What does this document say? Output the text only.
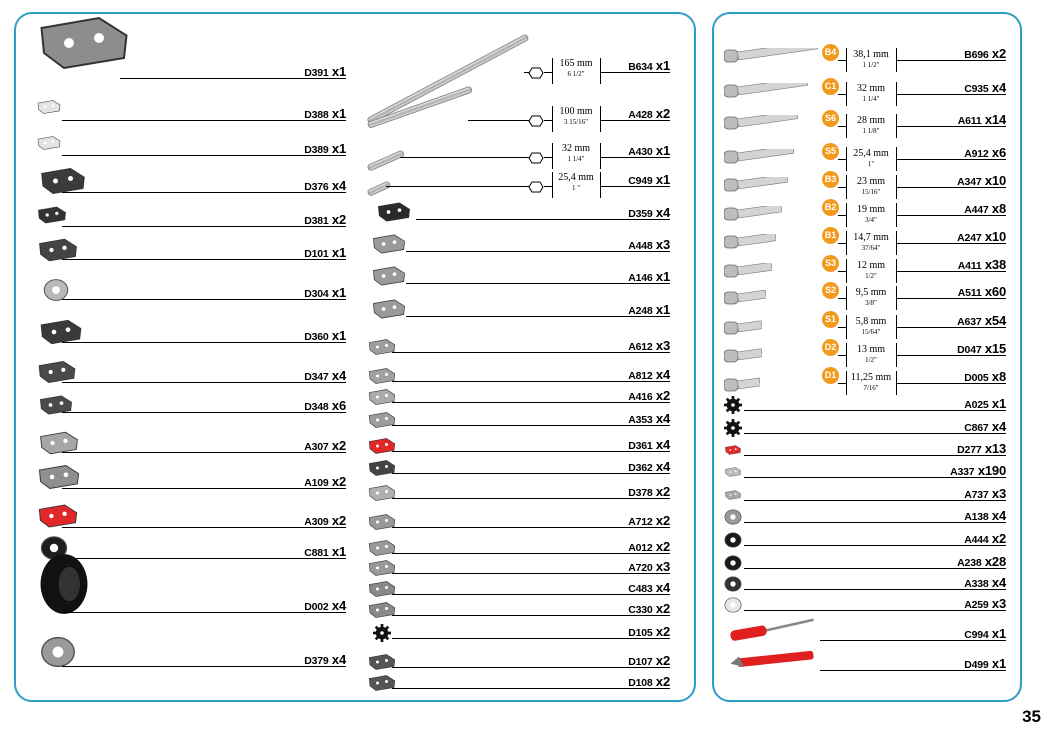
35
D391 x1
D388 x1
D389 x1
D376 x4
D381 x2
D101 x1
D304 x1
D360 x1
D347 x4
D348 x6
A307 x2
A109 x2
A309 x2
C881 x1
D002 x4
D379 x4
165 mm
6 1/2"
B634 x1
100 mm
3 15/16"
A428 x2
32 mm
1 1/4"
A430 x1
25,4 mm
1 "
C949 x1
D359 x4
A448 x3
A146 x1
A248 x1
A612 x3
A812 x4
A416 x2
A353 x4
D361 x4
D362 x4
D378 x2
A712 x2
A012 x2
A720 x3
C483 x4
C330 x2
D105 x2
D107 x2
D108 x2
B4	38,1 mm
1 1/2"
B696 x2
C1	32 mm
1 1/4"
C935 x4
S6	28 mm
1 1/8"
A611 x14
S5	25,4 mm
1"
A912 x6
B3	23 mm
15/16"
A347 x10
B2	19 mm
3/4"
A447 x8
B1	14,7 mm
37/64"
A247 x10
S3	12 mm
1/2"
A411 x38
S2	9,5 mm
3/8"
A511 x60
S1	5,8 mm
15/64"
A637 x54
D2	13 mm
1/2"
D047 x15
D1	11,25 mm
7/16"
D005 x8
A025 x1
C867 x4
D277 x13
A337 x190
A737 x3
A138 x4
A444 x2
A238 x28
A338 x4
A259 x3
C994 x1
D499 x1
